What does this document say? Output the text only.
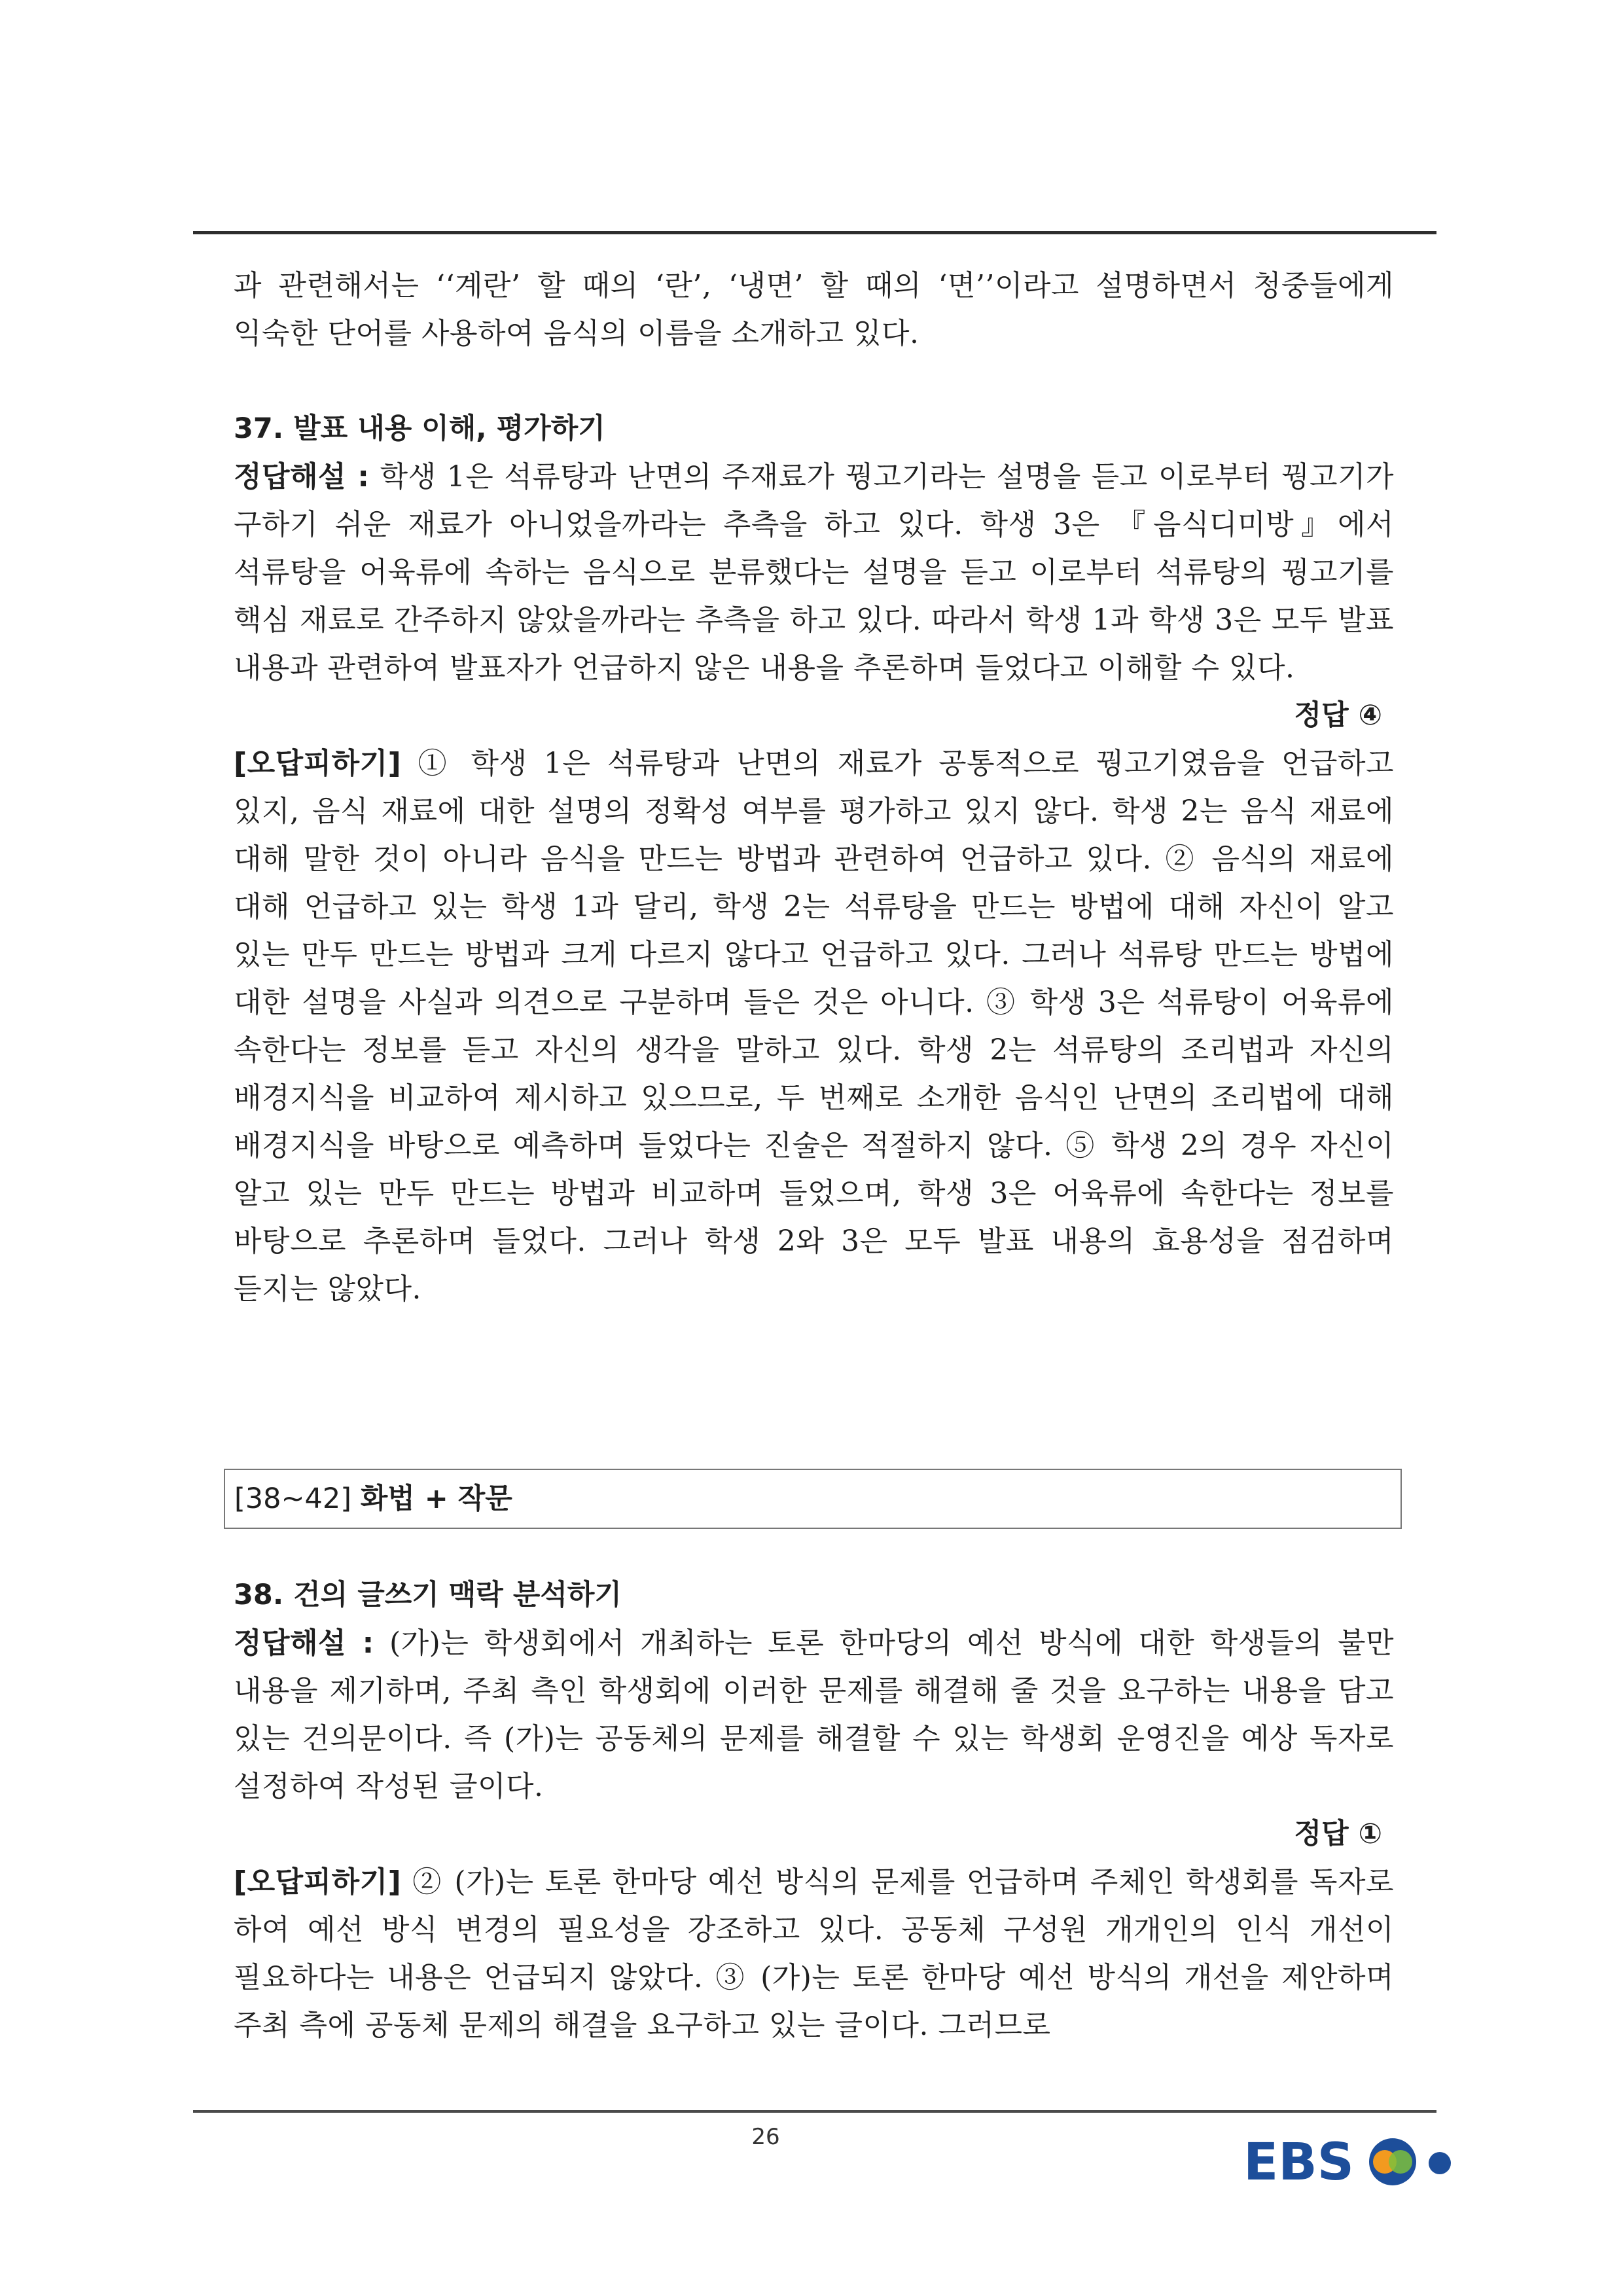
과 관련해서는 ‘‘계란’ 할 때의 ‘란’, ‘냉면’ 할 때의 ‘면’’이라고 설명하면서 청중들에게 익숙한 단어를 사용하여 음식의 이름을 소개하고 있다.

37. 발표 내용 이해, 평가하기

정답해설 : 학생 1은 석류탕과 난면의 주재료가 꿩고기라는 설명을 듣고 이로부터 꿩고기가 구하기 쉬운 재료가 아니었을까라는 추측을 하고 있다. 학생 3은 『음식디미방』에서 석류탕을 어육류에 속하는 음식으로 분류했다는 설명을 듣고 이로부터 석류탕의 꿩고기를 핵심 재료로 간주하지 않았을까라는 추측을 하고 있다. 따라서 학생 1과 학생 3은 모두 발표 내용과 관련하여 발표자가 언급하지 않은 내용을 추론하며 들었다고 이해할 수 있다.

정답 ④

[오답피하기] ① 학생 1은 석류탕과 난면의 재료가 공통적으로 꿩고기였음을 언급하고 있지, 음식 재료에 대한 설명의 정확성 여부를 평가하고 있지 않다. 학생 2는 음식 재료에 대해 말한 것이 아니라 음식을 만드는 방법과 관련하여 언급하고 있다. ② 음식의 재료에 대해 언급하고 있는 학생 1과 달리, 학생 2는 석류탕을 만드는 방법에 대해 자신이 알고 있는 만두 만드는 방법과 크게 다르지 않다고 언급하고 있다. 그러나 석류탕 만드는 방법에 대한 설명을 사실과 의견으로 구분하며 들은 것은 아니다. ③ 학생 3은 석류탕이 어육류에 속한다는 정보를 듣고 자신의 생각을 말하고 있다. 학생 2는 석류탕의 조리법과 자신의 배경지식을 비교하여 제시하고 있으므로, 두 번째로 소개한 음식인 난면의 조리법에 대해 배경지식을 바탕으로 예측하며 들었다는 진술은 적절하지 않다. ⑤ 학생 2의 경우 자신이 알고 있는 만두 만드는 방법과 비교하며 들었으며, 학생 3은 어육류에 속한다는 정보를 바탕으로 추론하며 들었다. 그러나 학생 2와 3은 모두 발표 내용의 효용성을 점검하며 듣지는 않았다.

[38~42] 화법 + 작문

38. 건의 글쓰기 맥락 분석하기

정답해설 : (가)는 학생회에서 개최하는 토론 한마당의 예선 방식에 대한 학생들의 불만 내용을 제기하며, 주최 측인 학생회에 이러한 문제를 해결해 줄 것을 요구하는 내용을 담고 있는 건의문이다. 즉 (가)는 공동체의 문제를 해결할 수 있는 학생회 운영진을 예상 독자로 설정하여 작성된 글이다.

정답 ①

[오답피하기] ② (가)는 토론 한마당 예선 방식의 문제를 언급하며 주체인 학생회를 독자로 하여 예선 방식 변경의 필요성을 강조하고 있다. 공동체 구성원 개개인의 인식 개선이 필요하다는 내용은 언급되지 않았다. ③ (가)는 토론 한마당 예선 방식의 개선을 제안하며 주최 측에 공동체 문제의 해결을 요구하고 있는 글이다. 그러므로

26	EBS
